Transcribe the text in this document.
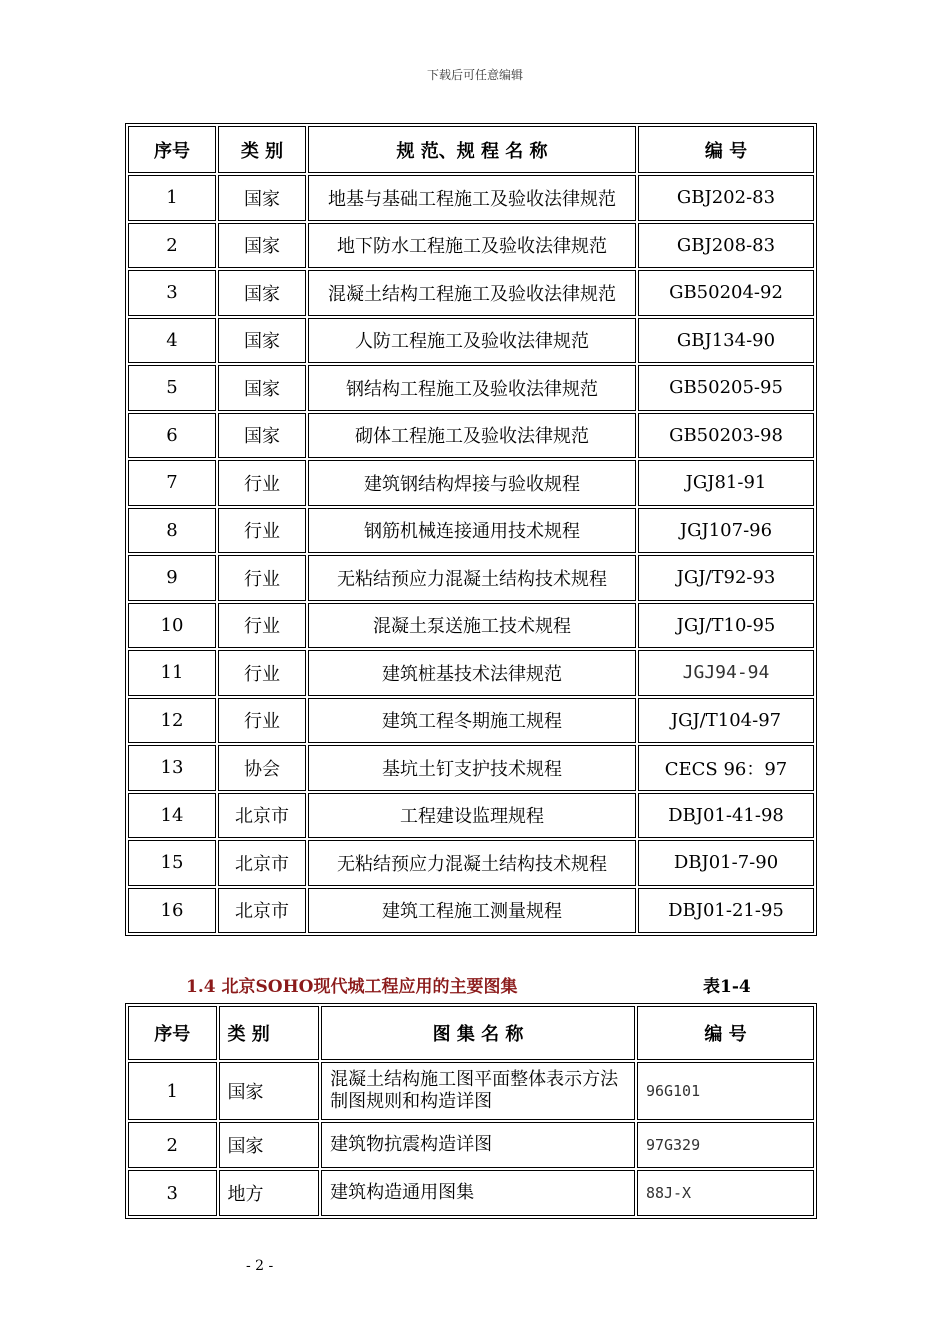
下载后可任意编辑
序号	类 别	规 范、规 程 名 称	编 号
1	国家	地基与基础工程施工及验收法律规范	GBJ202-83
2	国家	地下防水工程施工及验收法律规范	GBJ208-83
3	国家	混凝土结构工程施工及验收法律规范	GB50204-92
4	国家	人防工程施工及验收法律规范	GBJ134-90
5	国家	钢结构工程施工及验收法律规范	GB50205-95
6	国家	砌体工程施工及验收法律规范	GB50203-98
7	行业	建筑钢结构焊接与验收规程	JGJ81-91
8	行业	钢筋机械连接通用技术规程	JGJ107-96
9	行业	无粘结预应力混凝土结构技术规程	JGJ/T92-93
10	行业	混凝土泵送施工技术规程	JGJ/T10-95
11	行业	建筑桩基技术法律规范	JGJ94-94
12	行业	建筑工程冬期施工规程	JGJ/T104-97
13	协会	基坑土钉支护技术规程	CECS 96：97
14	北京市	工程建设监理规程	DBJ01-41-98
15	北京市	无粘结预应力混凝土结构技术规程	DBJ01-7-90
16	北京市	建筑工程施工测量规程	DBJ01-21-95
1.4 北京SOHO现代城工程应用的主要图集	表1-4
序号	类 别	图 集 名 称	编 号
1	国家	混凝土结构施工图平面整体表示方法制图规则和构造详图	96G101
2	国家	建筑物抗震构造详图	97G329
3	地方	建筑构造通用图集	88J-X
- 2 -
